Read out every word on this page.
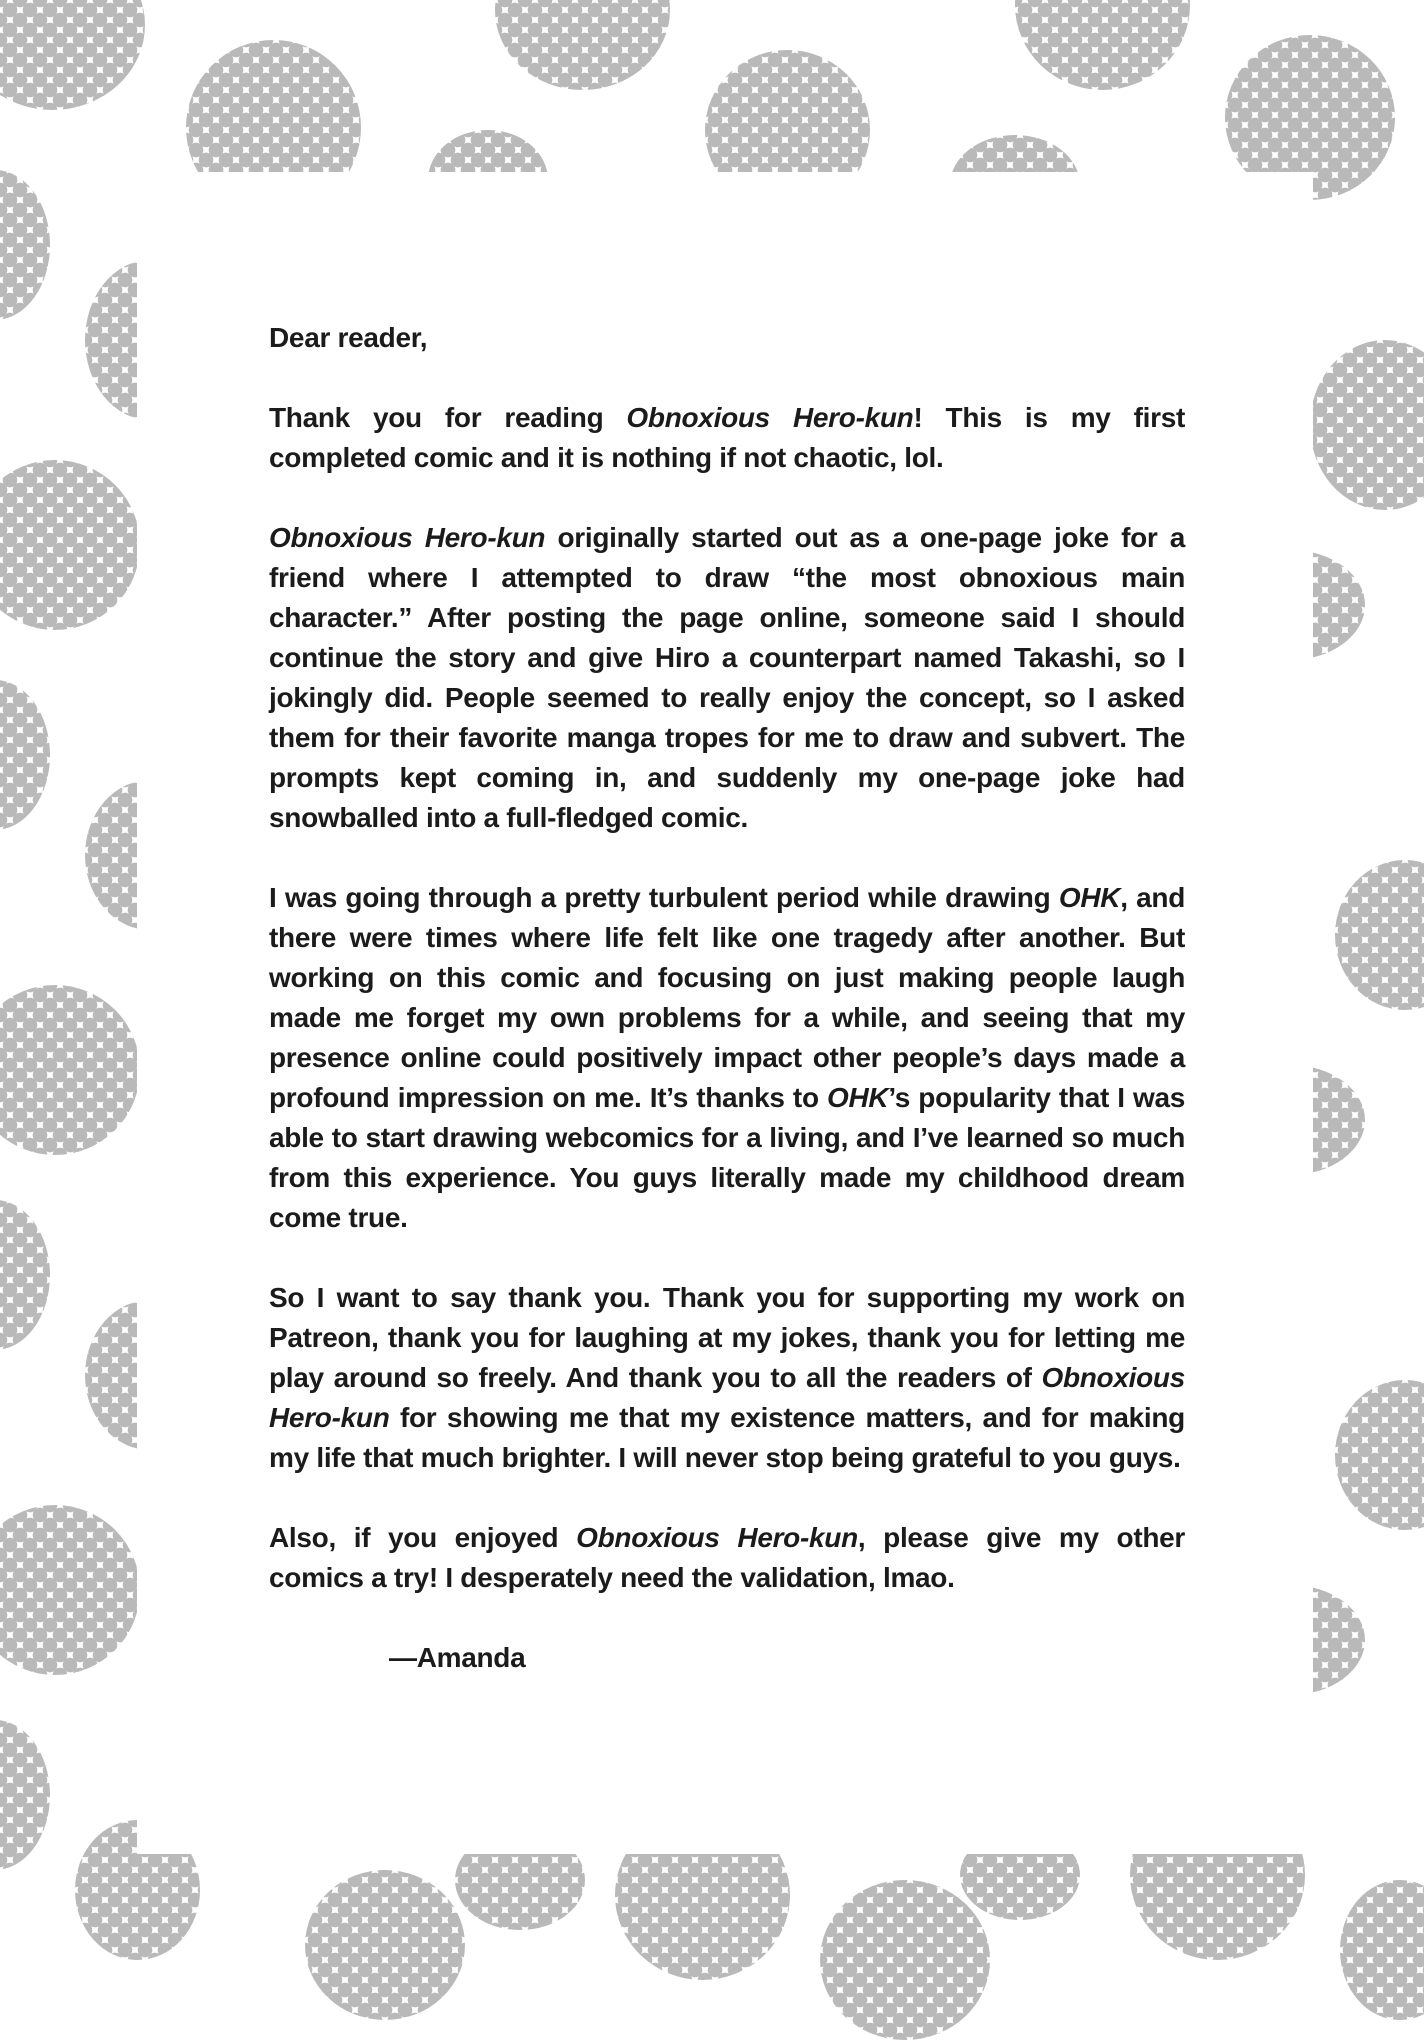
Dear reader,

Thank you for reading Obnoxious Hero-kun! This is my first completed comic and it is nothing if not chaotic, lol.

Obnoxious Hero-kun originally started out as a one-page joke for a friend where I attempted to draw “the most obnoxious main character.” After posting the page online, someone said I should continue the story and give Hiro a counterpart named Takashi, so I jokingly did. People seemed to really enjoy the concept, so I asked them for their favorite manga tropes for me to draw and subvert. The prompts kept coming in, and suddenly my one-page joke had snowballed into a full-fledged comic.

I was going through a pretty turbulent period while drawing OHK, and there were times where life felt like one tragedy after another. But working on this comic and focusing on just making people laugh made me forget my own problems for a while, and seeing that my presence online could positively impact other people’s days made a profound impression on me. It’s thanks to OHK’s popularity that I was able to start drawing webcomics for a living, and I’ve learned so much from this experience. You guys literally made my childhood dream come true.

So I want to say thank you. Thank you for supporting my work on Patreon, thank you for laughing at my jokes, thank you for letting me play around so freely. And thank you to all the readers of Obnoxious Hero-kun for showing me that my existence matters, and for making my life that much brighter. I will never stop being grateful to you guys.

Also, if you enjoyed Obnoxious Hero-kun, please give my other comics a try! I desperately need the validation, lmao.

—Amanda
